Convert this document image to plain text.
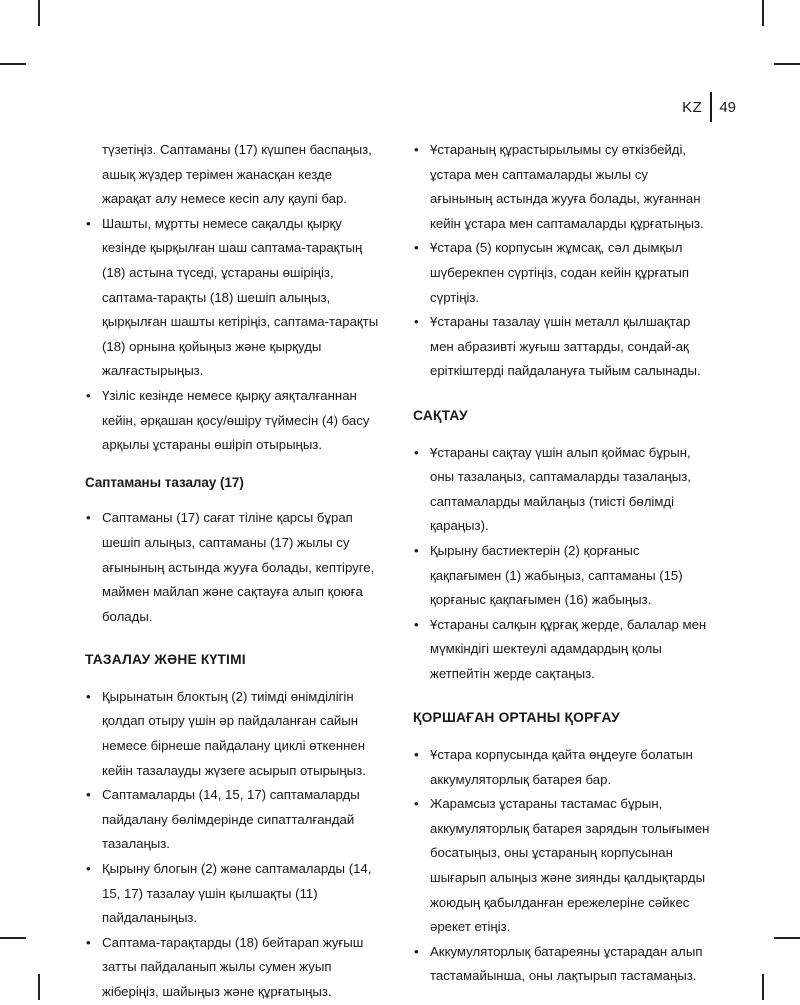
KZ 49

түзетіңіз. Саптаманы (17) күшпен баспаңыз, ашық жүздер терімен жанасқан кезде жарақат алу немесе кесіп алу қаупі бар.

• Шашты, мұртты немесе сақалды қырқу кезінде қырқылған шаш саптама-тарақтың (18) астына түседі, ұстараны өшіріңіз, саптама-тарақты (18) шешіп алыңыз, қырқылған шашты кетіріңіз, саптама-тарақты (18) орнына қойыңыз және қырқуды жалғастырыңыз.
• Үзіліс кезінде немесе қырқу аяқталғаннан кейін, әрқашан қосу/өшіру түймесін (4) басу арқылы ұстараны өшіріп отырыңыз.

Саптаманы тазалау (17)

• Саптаманы (17) сағат тіліне қарсы бұрап шешіп алыңыз, саптаманы (17) жылы су ағынының астында жууға болады, кептіруге, маймен майлап және сақтауға алып қоюға болады.

ТАЗАЛАУ ЖӘНЕ КҮТІМІ

• Қырынатын блоктың (2) тиімді өнімділігін қолдап отыру үшін әр пайдаланған сайын немесе бірнеше пайдалану циклі өткеннен кейін тазалауды жүзеге асырып отырыңыз.
• Саптамаларды (14, 15, 17) саптамаларды пайдалану бөлімдерінде сипатталғандай тазалаңыз.
• Қырыну блогын (2) және саптамаларды (14, 15, 17) тазалау үшін қылшақты (11) пайдаланыңыз.
• Саптама-тарақтарды (18) бейтарап жуғыш затты пайдаланып жылы сумен жуып жіберіңіз, шайыңыз және құрғатыңыз.
• Ұстараның құрастырылымы су өткізбейді, ұстара мен саптамаларды жылы су ағынының астында жууға болады, жуғаннан кейін ұстара мен саптамаларды құрғатыңыз.
• Ұстара (5) корпусын жұмсақ, сәл дымқыл шүберекпен сүртіңіз, содан кейін құрғатып сүртіңіз.
• Ұстараны тазалау үшін металл қылшақтар мен абразивті жуғыш заттарды, сондай-ақ еріткіштерді пайдалануға тыйым салынады.

САҚТАУ

• Ұстараны сақтау үшін алып қоймас бұрын, оны тазалаңыз, саптамаларды тазалаңыз, саптамаларды майлаңыз (тиісті бөлімді қараңыз).
• Қырыну бастиектерін (2) қорғаныс қақпағымен (1) жабыңыз, саптаманы (15) қорғаныс қақпағымен (16) жабыңыз.
• Ұстараны салқын құрғақ жерде, балалар мен мүмкіндігі шектеулі адамдардың қолы жетпейтін жерде сақтаңыз.

ҚОРШАҒАН ОРТАНЫ ҚОРҒАУ

• Ұстара корпусында қайта өңдеуге болатын аккумуляторлық батарея бар.
• Жарамсыз ұстараны тастамас бұрын, аккумуляторлық батарея зарядын толығымен босатыңыз, оны ұстараның корпусынан шығарып алыңыз және зиянды қалдықтарды жоюдың қабылданған ережелеріне сәйкес әрекет етіңіз.
• Аккумуляторлық батареяны ұстарадан алып тастамайынша, оны лақтырып тастамаңыз.
